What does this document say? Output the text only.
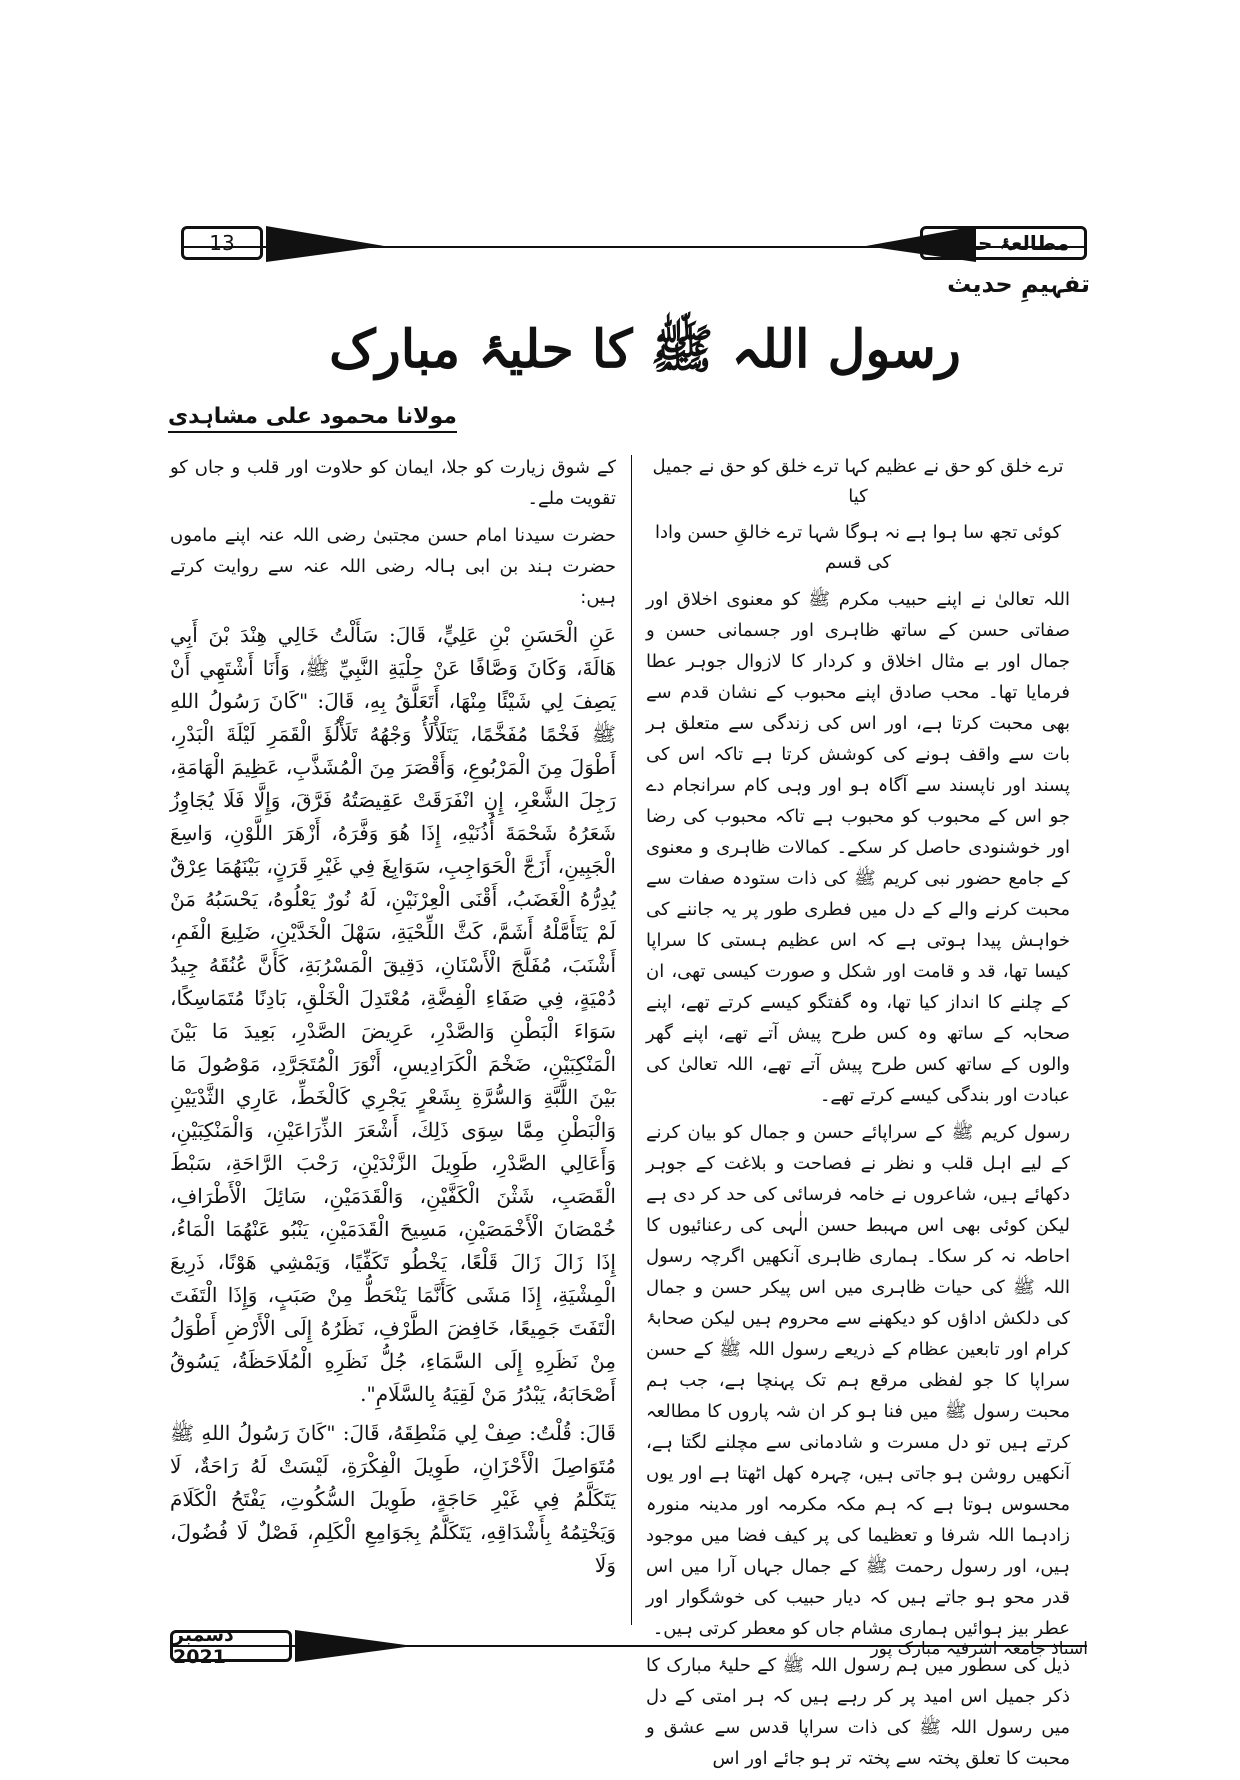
13	مطالعۂ حدیث
تفہیمِ حدیث
رسول اللہ ﷺ کا حلیۂ مبارک
مولانا محمود علی مشاہدی

ترے خلق کو حق نے عظیم کہا ترے خلق کو حق نے جمیل کیا

کوئی تجھ سا ہوا ہے نہ ہوگا شہا ترے خالقِ حسن وادا کی قسم

اللہ تعالیٰ نے اپنے حبیب مکرم ﷺ کو معنوی اخلاق اور صفاتی حسن کے ساتھ ظاہری اور جسمانی حسن و جمال اور بے مثال اخلاق و کردار کا لازوال جوہر عطا فرمایا تھا۔ محب صادق اپنے محبوب کے نشان قدم سے بھی محبت کرتا ہے، اور اس کی زندگی سے متعلق ہر بات سے واقف ہونے کی کوشش کرتا ہے تاکہ اس کی پسند اور ناپسند سے آگاہ ہو اور وہی کام سرانجام دے جو اس کے محبوب کو محبوب ہے تاکہ محبوب کی رضا اور خوشنودی حاصل کر سکے۔ کمالات ظاہری و معنوی کے جامع حضور نبی کریم ﷺ کی ذات ستودہ صفات سے محبت کرنے والے کے دل میں فطری طور پر یہ جاننے کی خواہش پیدا ہوتی ہے کہ اس عظیم ہستی کا سراپا کیسا تھا، قد و قامت اور شکل و صورت کیسی تھی، ان کے چلنے کا انداز کیا تھا، وہ گفتگو کیسے کرتے تھے، اپنے صحابہ کے ساتھ وہ کس طرح پیش آتے تھے، اپنے گھر والوں کے ساتھ کس طرح پیش آتے تھے، اللہ تعالیٰ کی عبادت اور بندگی کیسے کرتے تھے۔

رسول کریم ﷺ کے سراپائے حسن و جمال کو بیان کرنے کے لیے اہل قلب و نظر نے فصاحت و بلاغت کے جوہر دکھائے ہیں، شاعروں نے خامہ فرسائی کی حد کر دی ہے لیکن کوئی بھی اس مہبط حسن الٰہی کی رعنائیوں کا احاطہ نہ کر سکا۔ ہماری ظاہری آنکھیں اگرچہ رسول اللہ ﷺ کی حیات ظاہری میں اس پیکر حسن و جمال کی دلکش اداؤں کو دیکھنے سے محروم ہیں لیکن صحابۂ کرام اور تابعین عظام کے ذریعے رسول اللہ ﷺ کے حسن سراپا کا جو لفظی مرقع ہم تک پہنچا ہے، جب ہم محبت رسول ﷺ میں فنا ہو کر ان شہ پاروں کا مطالعہ کرتے ہیں تو دل مسرت و شادمانی سے مچلنے لگتا ہے، آنکھیں روشن ہو جاتی ہیں، چہرہ کھل اٹھتا ہے اور یوں محسوس ہوتا ہے کہ ہم مکہ مکرمہ اور مدینہ منورہ زادہما اللہ شرفا و تعظیما کی پر کیف فضا میں موجود ہیں، اور رسول رحمت ﷺ کے جمال جہاں آرا میں اس قدر محو ہو جاتے ہیں کہ دیار حبیب کی خوشگوار اور عطر بیز ہوائیں ہماری مشام جاں کو معطر کرتی ہیں۔

ذیل کی سطور میں ہم رسول اللہ ﷺ کے حلیۂ مبارک کا ذکر جمیل اس امید پر کر رہے ہیں کہ ہر امتی کے دل میں رسول اللہ ﷺ کی ذات سراپا قدس سے عشق و محبت کا تعلق پختہ سے پختہ تر ہو جائے اور اس

کے شوق زیارت کو جلا، ایمان کو حلاوت اور قلب و جاں کو تقویت ملے۔

حضرت سیدنا امام حسن مجتبیٰ رضی اللہ عنہ اپنے ماموں حضرت ہند بن ابی ہالہ رضی اللہ عنہ سے روایت کرتے ہیں:

عَنِ الْحَسَنِ بْنِ عَلِيٍّ، قَالَ: سَأَلْتُ خَالِي هِنْدَ بْنَ أَبِي هَالَةَ، وَكَانَ وَصَّافًا عَنْ حِلْيَةِ النَّبِيِّ ﷺ، وَأَنَا أَشْتَهِي أَنْ يَصِفَ لِي شَيْئًا مِنْهَا، أَتَعَلَّقُ بِهِ، قَالَ: "كَانَ رَسُولُ اللهِ ﷺ فَخْمًا مُفَخَّمًا، يَتَلَأْلَأُ وَجْهُهُ تَلَأْلُؤَ الْقَمَرِ لَيْلَةَ الْبَدْرِ، أَطْوَلَ مِنَ الْمَرْبُوعِ، وَأَقْصَرَ مِنَ الْمُشَذَّبِ، عَظِيمَ الْهَامَةِ، رَجِلَ الشَّعْرِ، إِنِ انْفَرَقَتْ عَقِيصَتُهُ فَرَّقَ، وَإِلَّا فَلَا يُجَاوِزُ شَعَرُهُ شَحْمَةَ أُذُنَيْهِ، إِذَا هُوَ وَفَّرَهُ، أَزْهَرَ اللَّوْنِ، وَاسِعَ الْجَبِينِ، أَزَجَّ الْحَوَاجِبِ، سَوَابِغَ فِي غَيْرِ قَرَنٍ، بَيْنَهُمَا عِرْقٌ يُدِرُّهُ الْغَضَبُ، أَقْنَى الْعِرْنَيْنِ، لَهُ نُورٌ يَعْلُوهُ، يَحْسَبُهُ مَنْ لَمْ يَتَأَمَّلْهُ أَشَمَّ، كَثَّ اللِّحْيَةِ، سَهْلَ الْخَدَّيْنِ، ضَلِيعَ الْفَمِ، أَشْنَبَ، مُفَلَّجَ الْأَسْنَانِ، دَقِيقَ الْمَسْرُبَةِ، كَأَنَّ عُنُقَهُ جِيدُ دُمْيَةٍ، فِي صَفَاءِ الْفِضَّةِ، مُعْتَدِلَ الْخَلْقِ، بَادِنًا مُتَمَاسِكًا، سَوَاءَ الْبَطْنِ وَالصَّدْرِ، عَرِيضَ الصَّدْرِ، بَعِيدَ مَا بَيْنَ الْمَنْكِبَيْنِ، ضَخْمَ الْكَرَادِيسِ، أَنْوَرَ الْمُتَجَرَّدِ، مَوْصُولَ مَا بَيْنَ اللَّبَّةِ وَالسُّرَّةِ بِشَعْرٍ يَجْرِي كَالْخَطِّ، عَارِي الثَّدْيَيْنِ وَالْبَطْنِ مِمَّا سِوَى ذَلِكَ، أَشْعَرَ الذِّرَاعَيْنِ، وَالْمَنْكِبَيْنِ، وَأَعَالِي الصَّدْرِ، طَوِيلَ الزَّنْدَيْنِ، رَحْبَ الرَّاحَةِ، سَبْطَ الْقَصَبِ، شَثْنَ الْكَفَّيْنِ، وَالْقَدَمَيْنِ، سَائِلَ الْأَطْرَافِ، خُمْصَانَ الْأَخْمَصَيْنِ، مَسِيحَ الْقَدَمَيْنِ، يَنْبُو عَنْهُمَا الْمَاءُ، إِذَا زَالَ زَالَ قَلْعًا، يَخْطُو تَكَفِّيًا، وَيَمْشِي هَوْنًا، ذَرِيعَ الْمِشْيَةِ، إِذَا مَشَى كَأَنَّمَا يَنْحَطُّ مِنْ صَبَبٍ، وَإِذَا الْتَفَتَ الْتَفَتَ جَمِيعًا، خَافِضَ الطَّرْفِ، نَظَرُهُ إِلَى الْأَرْضِ أَطْوَلُ مِنْ نَظَرِهِ إِلَى السَّمَاءِ، جُلُّ نَظَرِهِ الْمُلَاحَظَةُ، يَسُوقُ أَصْحَابَهُ، يَبْدُرُ مَنْ لَقِيَهُ بِالسَّلَامِ".

قَالَ: قُلْتُ: صِفْ لِي مَنْطِقَهُ، قَالَ: "كَانَ رَسُولُ اللهِ ﷺ مُتَوَاصِلَ الْأَحْزَانِ، طَوِيلَ الْفِكْرَةِ، لَيْسَتْ لَهُ رَاحَةٌ، لَا يَتَكَلَّمُ فِي غَيْرِ حَاجَةٍ، طَوِيلَ السُّكُوتِ، يَفْتَحُ الْكَلَامَ وَيَخْتِمُهُ بِأَشْدَاقِهِ، يَتَكَلَّمُ بِجَوَامِعِ الْكَلِمِ، فَصْلٌ لَا فُضُولَ، وَلَا

دسمبر 2021	استاذ جامعہ اشرفیہ مبارک پور
